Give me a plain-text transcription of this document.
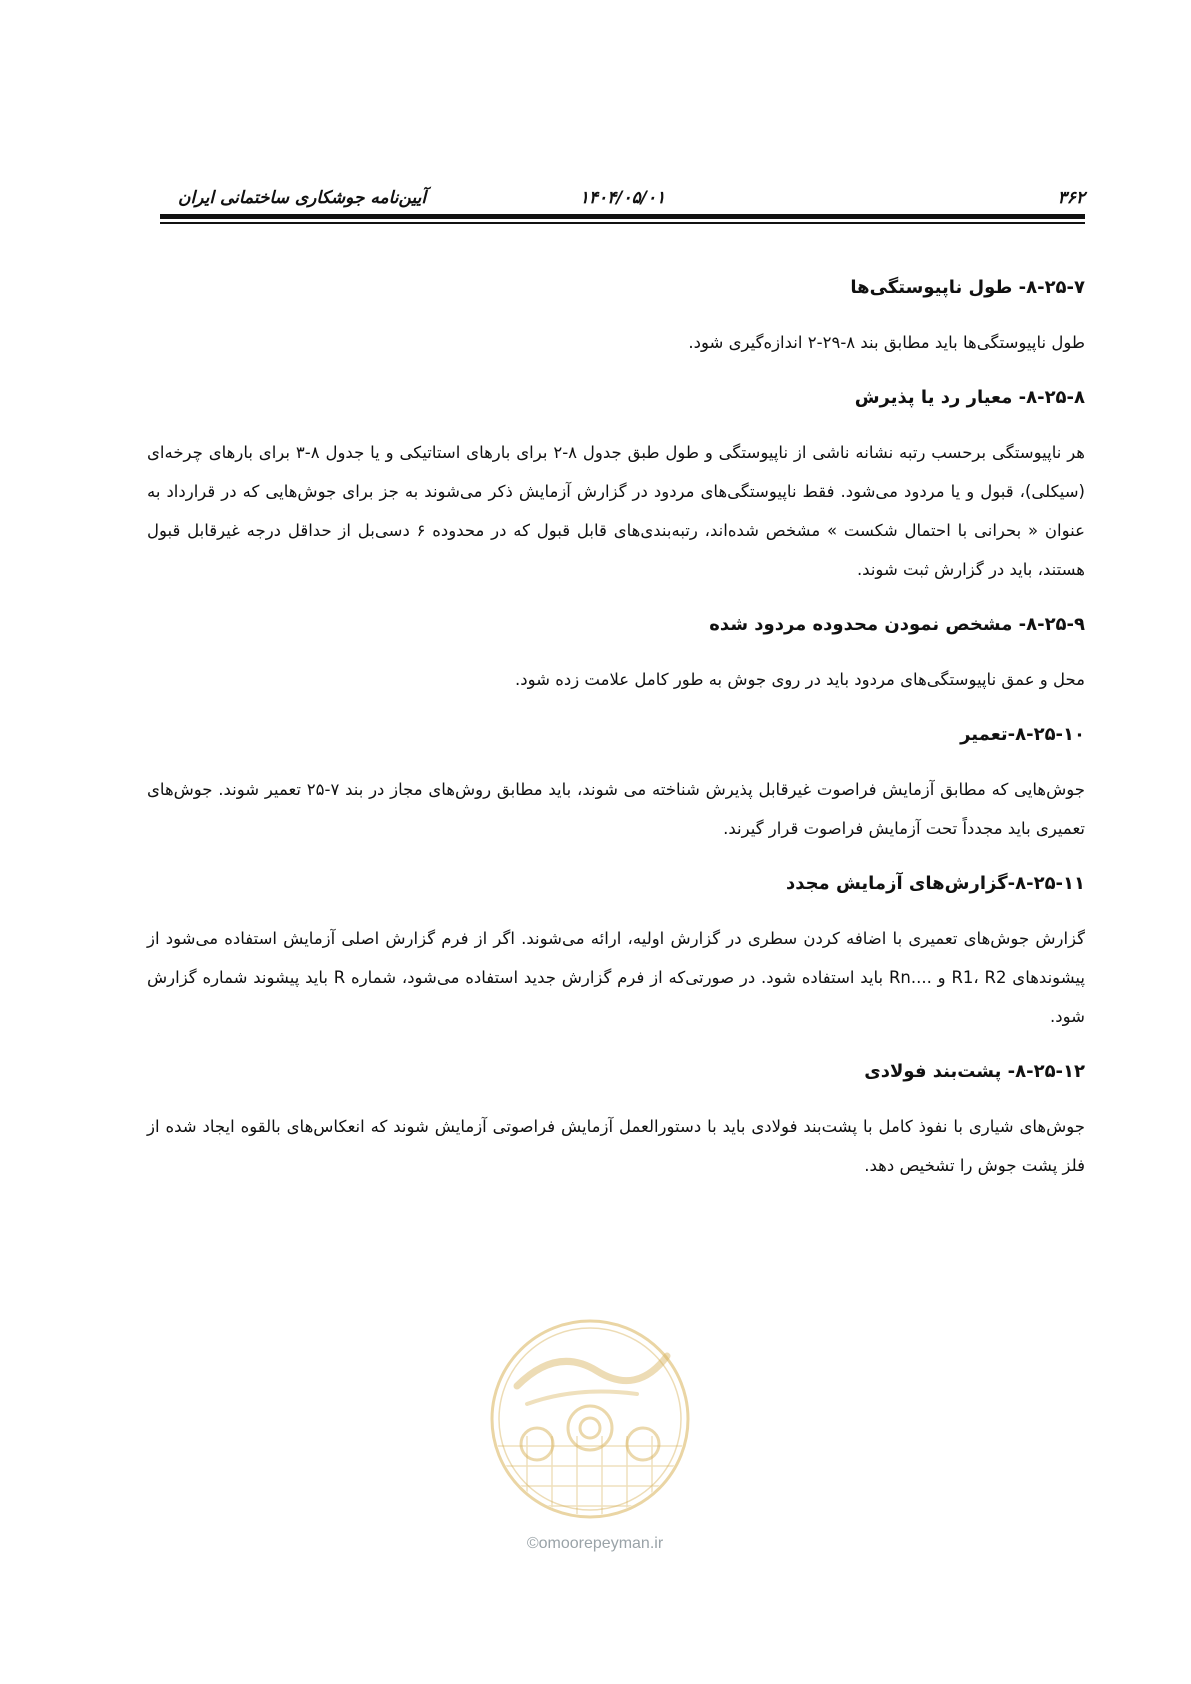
۳۶۲
۱۴۰۴/۰۵/۰۱
آیین‌نامه جوشکاری ساختمانی ایران
۸-۲۵-۷- طول ناپیوستگی‌ها

طول ناپیوستگی‌ها باید مطابق بند ۸-۲۹-۲ اندازه‌گیری شود.

۸-۲۵-۸- معیار رد یا پذیرش

هر ناپیوستگی برحسب رتبه نشانه ناشی از ناپیوستگی و طول طبق جدول ۸-۲ برای بارهای استاتیکی و یا جدول ۸-۳ برای بارهای چرخه‌ای (سیکلی)، قبول و یا مردود می‌شود. فقط ناپیوستگی‌های مردود در گزارش آزمایش ذکر می‌شوند به جز برای جوش‌هایی که در قرارداد به عنوان « بحرانی با احتمال شکست » مشخص شده‌اند، رتبه‌بندی‌های قابل قبول که در محدوده ۶ دسی‌بل از حداقل درجه غیرقابل قبول هستند، باید در گزارش ثبت شوند.

۸-۲۵-۹- مشخص نمودن محدوده مردود شده

محل و عمق ناپیوستگی‌های مردود باید در روی جوش به طور کامل علامت زده شود.

۸-۲۵-۱۰-تعمیر

جوش‌هایی که مطابق آزمایش فراصوت غیرقابل پذیرش شناخته می شوند، باید مطابق روش‌های مجاز در بند ۷-۲۵ تعمیر شوند. جوش‌های تعمیری باید مجدداً تحت آزمایش فراصوت قرار گیرند.

۸-۲۵-۱۱-گزارش‌های آزمایش مجدد

گزارش جوش‌های تعمیری با اضافه کردن سطری در گزارش اولیه، ارائه می‌شوند. اگر از فرم گزارش اصلی آزمایش استفاده می‌شود از پیشوندهای R1، R2 و ....Rn باید استفاده شود. در صورتی‌که از فرم گزارش جدید استفاده می‌شود، شماره R باید پیشوند شماره گزارش شود.

۸-۲۵-۱۲- پشت‌بند فولادی

جوش‌های شیاری با نفوذ کامل با پشت‌بند فولادی باید با دستورالعمل آزمایش فراصوتی آزمایش شوند که انعکاس‌های بالقوه ایجاد شده از فلز پشت جوش را تشخیص دهد.

©omoorepeyman.ir
